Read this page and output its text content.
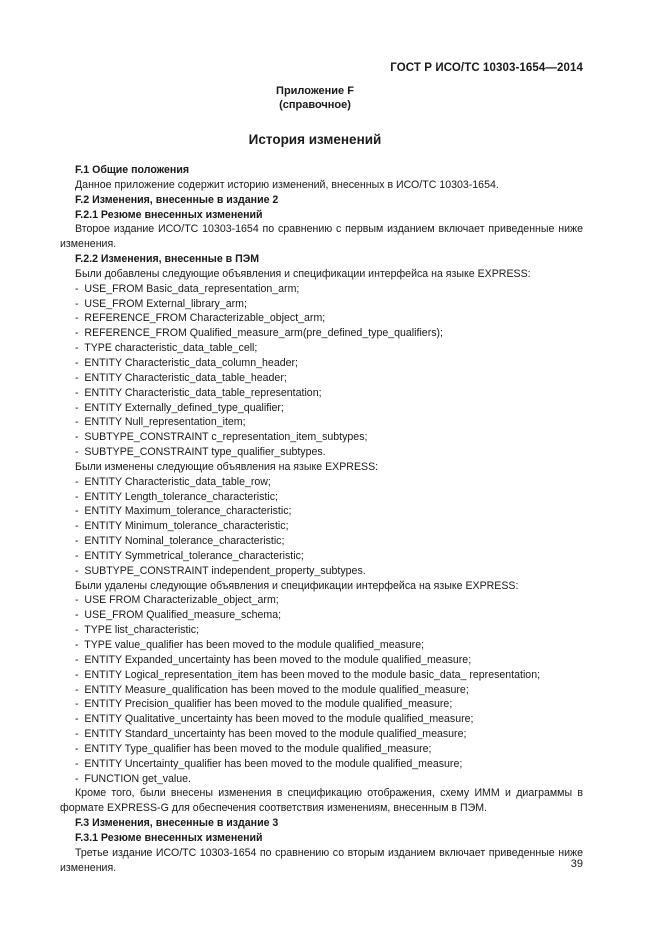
ГОСТ Р ИСО/ТС 10303-1654—2014
Приложение F
(справочное)
История изменений

F.1 Общие положения

Данное приложение содержит историю изменений, внесенных в ИСО/ТС 10303-1654.

F.2 Изменения, внесенные в издание 2

F.2.1 Резюме внесенных изменений

Второе издание ИСО/ТС 10303-1654 по сравнению с первым изданием включает приведенные ниже изменения.

F.2.2 Изменения, внесенные в ПЭМ

Были добавлены следующие объявления и спецификации интерфейса на языке EXPRESS:

- USE_FROM Basic_data_representation_arm;

- USE_FROM External_library_arm;

- REFERENCE_FROM Characterizable_object_arm;

- REFERENCE_FROM Qualified_measure_arm(pre_defined_type_qualifiers);

- TYPE characteristic_data_table_cell;

- ENTITY Characteristic_data_column_header;

- ENTITY Characteristic_data_table_header;

- ENTITY Characteristic_data_table_representation;

- ENTITY Externally_defined_type_qualifier;

- ENTITY Null_representation_item;

- SUBTYPE_CONSTRAINT c_representation_item_subtypes;

- SUBTYPE_CONSTRAINT type_qualifier_subtypes.

Были изменены следующие объявления на языке EXPRESS:

- ENTITY Characteristic_data_table_row;

- ENTITY Length_tolerance_characteristic;

- ENTITY Maximum_tolerance_characteristic;

- ENTITY Minimum_tolerance_characteristic;

- ENTITY Nominal_tolerance_characteristic;

- ENTITY Symmetrical_tolerance_characteristic;

- SUBTYPE_CONSTRAINT independent_property_subtypes.

Были удалены следующие объявления и спецификации интерфейса на языке EXPRESS:

- USE FROM Characterizable_object_arm;

- USE_FROM Qualified_measure_schema;

- TYPE list_characteristic;

- TYPE value_qualifier has been moved to the module qualified_measure;

- ENTITY Expanded_uncertainty has been moved to the module qualified_measure;

- ENTITY Logical_representation_item has been moved to the module basic_data_ representation;

- ENTITY Measure_qualification has been moved to the module qualified_measure;

- ENTITY Precision_qualifier has been moved to the module qualified_measure;

- ENTITY Qualitative_uncertainty has been moved to the module qualified_measure;

- ENTITY Standard_uncertainty has been moved to the module qualified_measure;

- ENTITY Type_qualifier has been moved to the module qualified_measure;

- ENTITY Uncertainty_qualifier has been moved to the module qualified_measure;

- FUNCTION get_value.

Кроме того, были внесены изменения в спецификацию отображения, схему ИММ и диаграммы в формате EXPRESS-G для обеспечения соответствия изменениям, внесенным в ПЭМ.

F.3 Изменения, внесенные в издание 3

F.3.1 Резюме внесенных изменений

Третье издание ИСО/ТС 10303-1654 по сравнению со вторым изданием включает приведенные ниже изменения.	39
